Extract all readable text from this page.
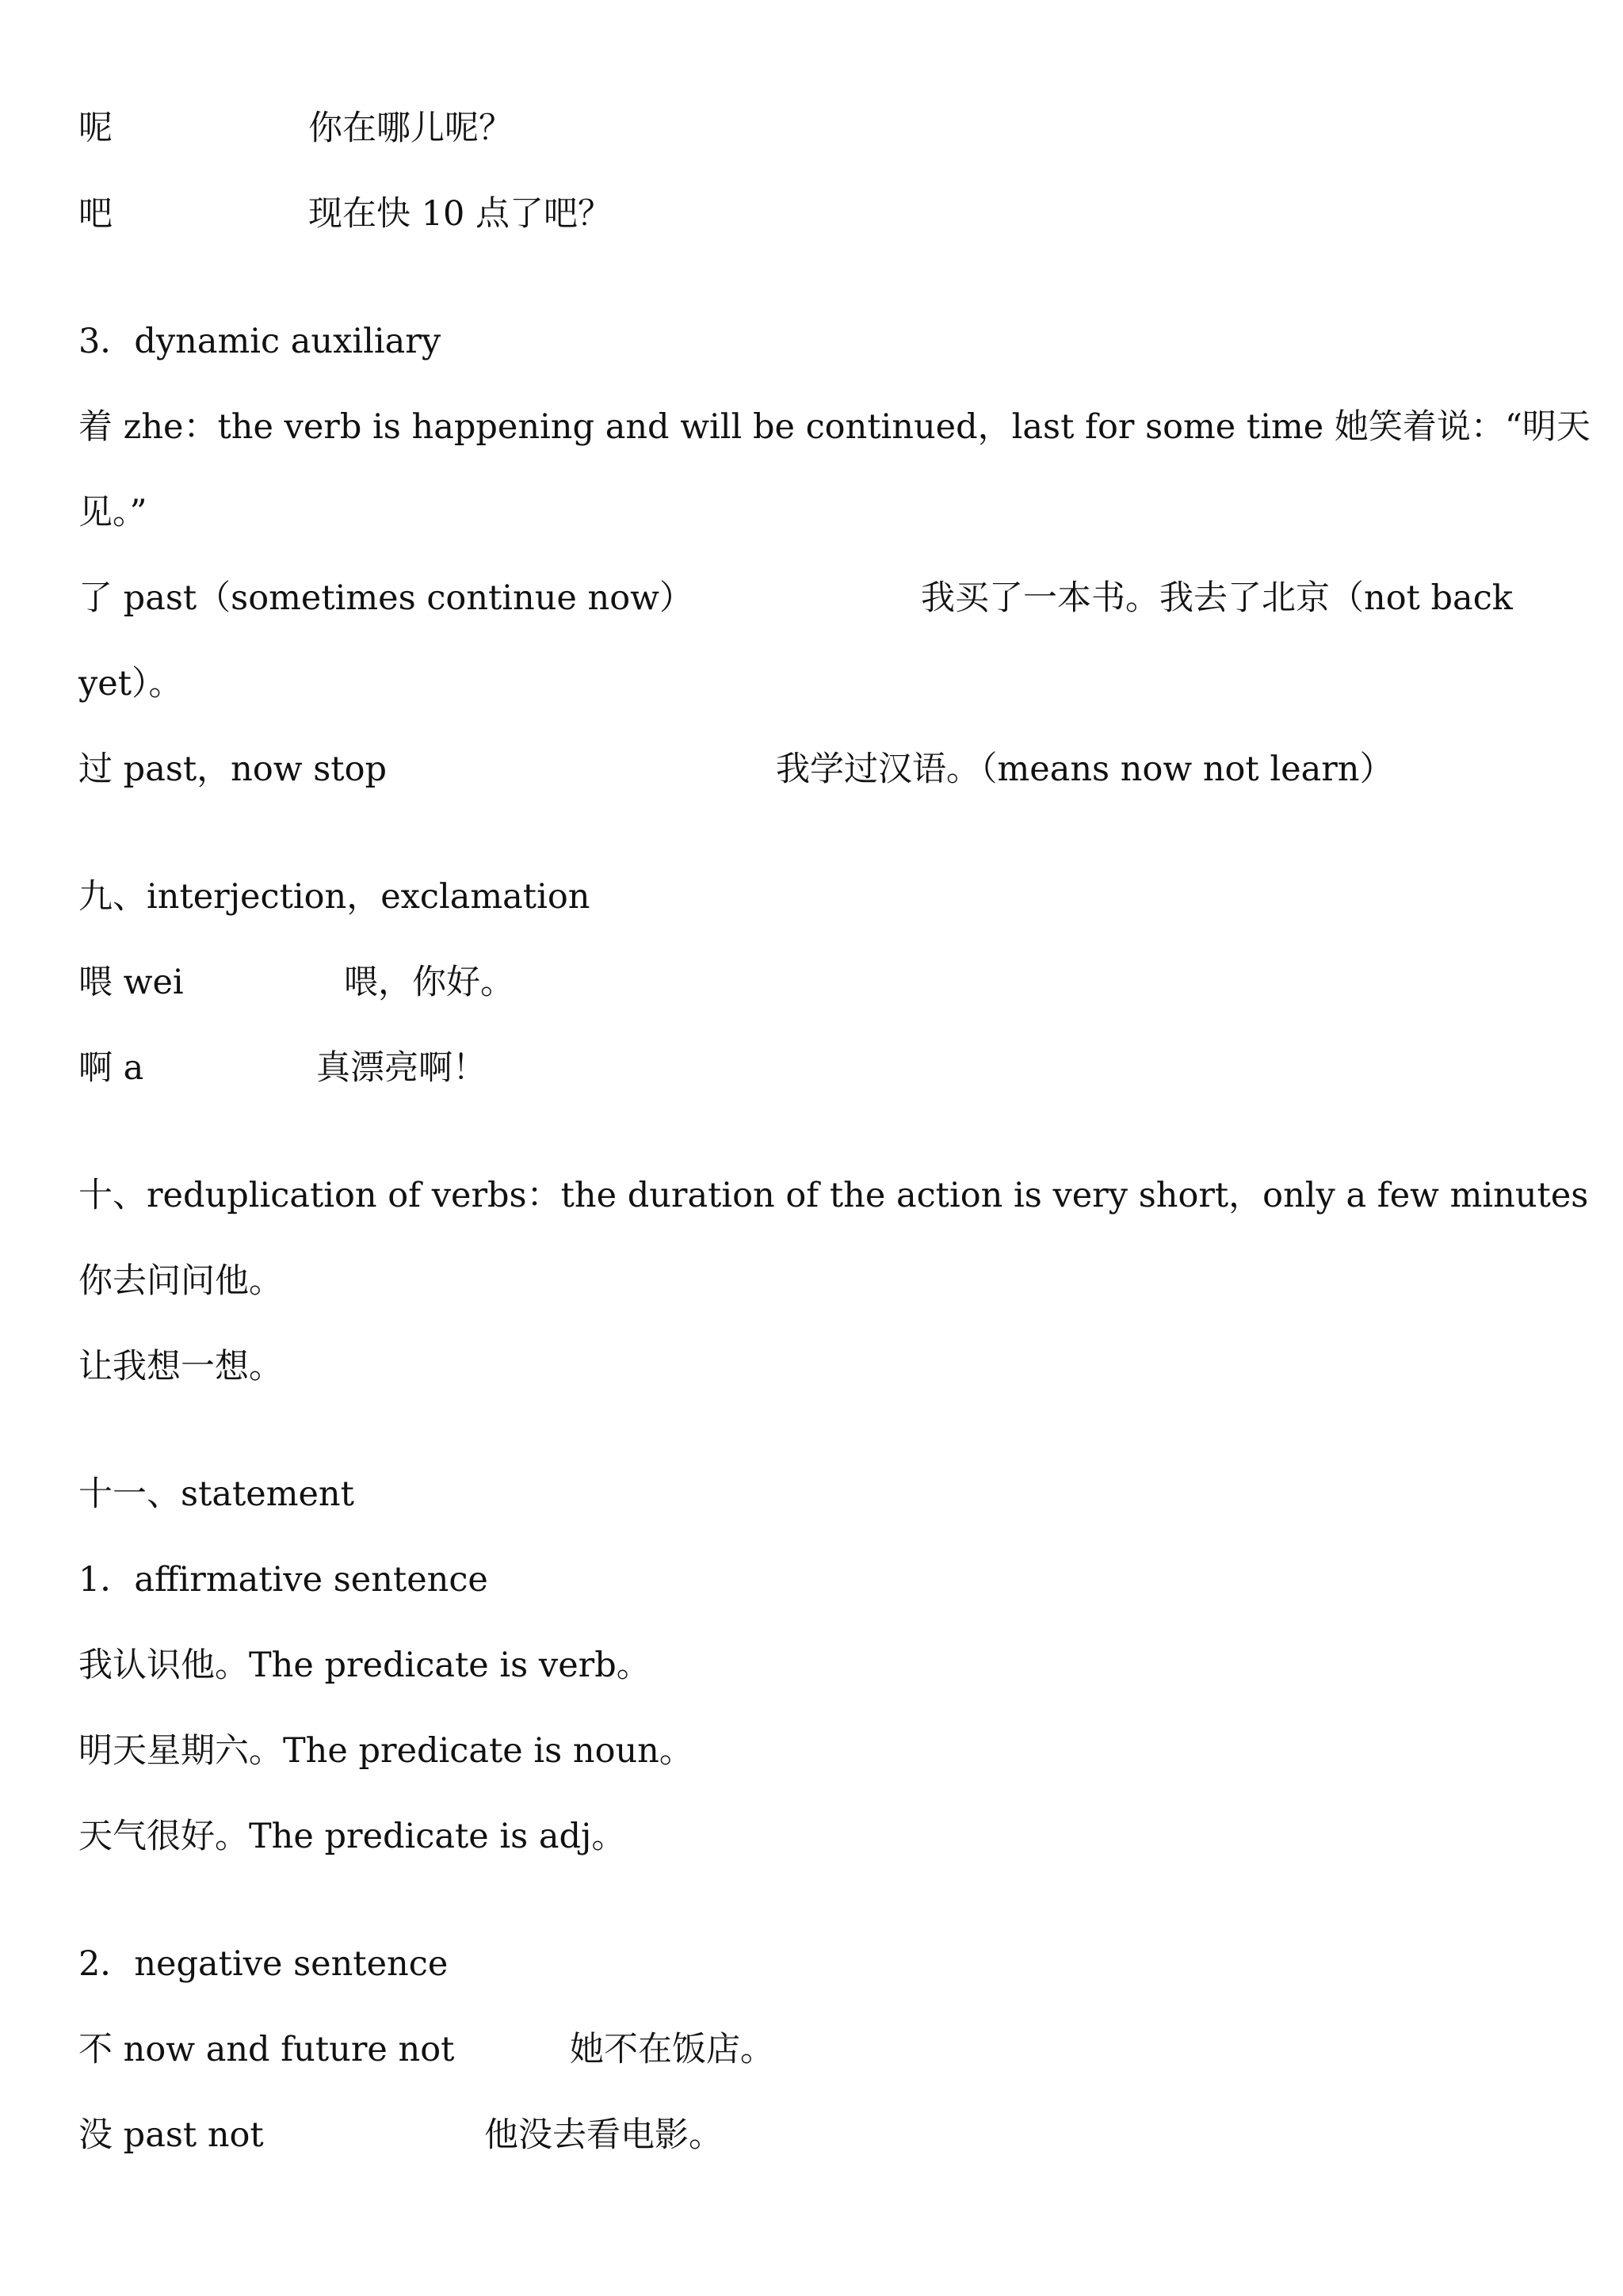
呢	你在哪儿呢？
吧	现在快 10 点了吧？
3．dynamic auxiliary
着 zhe：the verb is happening and will be continued，last for some time 她笑着说：“明天
见。”
了 past（sometimes continue now）	我买了一本书。我去了北京（not back
yet）。
过 past，now stop	我学过汉语。（means now not learn）
九、interjection，exclamation
喂 wei	喂，你好。
啊 a	真漂亮啊！
十、reduplication of verbs：the duration of the action is very short，only a few minutes
你去问问他。
让我想一想。
十一、statement
1．affirmative sentence
我认识他。The predicate is verb。
明天星期六。The predicate is noun。
天气很好。The predicate is adj。
2．negative sentence
不 now and future not	她不在饭店。
没 past not	他没去看电影。
